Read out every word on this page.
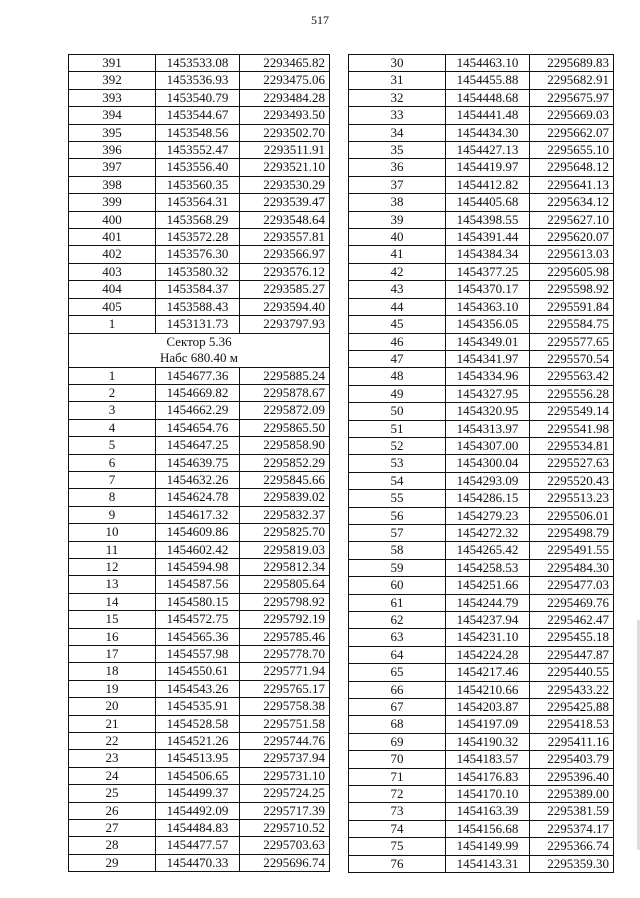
517
391	1453533.08	2293465.82
392	1453536.93	2293475.06
393	1453540.79	2293484.28
394	1453544.67	2293493.50
395	1453548.56	2293502.70
396	1453552.47	2293511.91
397	1453556.40	2293521.10
398	1453560.35	2293530.29
399	1453564.31	2293539.47
400	1453568.29	2293548.64
401	1453572.28	2293557.81
402	1453576.30	2293566.97
403	1453580.32	2293576.12
404	1453584.37	2293585.27
405	1453588.43	2293594.40
1	1453131.73	2293797.93

Сектор 5.36
Набс 680.40 м		

1	1454677.36	2295885.24
2	1454669.82	2295878.67
3	1454662.29	2295872.09
4	1454654.76	2295865.50
5	1454647.25	2295858.90
6	1454639.75	2295852.29
7	1454632.26	2295845.66
8	1454624.78	2295839.02
9	1454617.32	2295832.37
10	1454609.86	2295825.70
11	1454602.42	2295819.03
12	1454594.98	2295812.34
13	1454587.56	2295805.64
14	1454580.15	2295798.92
15	1454572.75	2295792.19
16	1454565.36	2295785.46
17	1454557.98	2295778.70
18	1454550.61	2295771.94
19	1454543.26	2295765.17
20	1454535.91	2295758.38
21	1454528.58	2295751.58
22	1454521.26	2295744.76
23	1454513.95	2295737.94
24	1454506.65	2295731.10
25	1454499.37	2295724.25
26	1454492.09	2295717.39
27	1454484.83	2295710.52
28	1454477.57	2295703.63
29	1454470.33	2295696.74
30	1454463.10	2295689.83
31	1454455.88	2295682.91
32	1454448.68	2295675.97
33	1454441.48	2295669.03
34	1454434.30	2295662.07
35	1454427.13	2295655.10
36	1454419.97	2295648.12
37	1454412.82	2295641.13
38	1454405.68	2295634.12
39	1454398.55	2295627.10
40	1454391.44	2295620.07
41	1454384.34	2295613.03
42	1454377.25	2295605.98
43	1454370.17	2295598.92
44	1454363.10	2295591.84
45	1454356.05	2295584.75
46	1454349.01	2295577.65
47	1454341.97	2295570.54
48	1454334.96	2295563.42
49	1454327.95	2295556.28
50	1454320.95	2295549.14
51	1454313.97	2295541.98
52	1454307.00	2295534.81
53	1454300.04	2295527.63
54	1454293.09	2295520.43
55	1454286.15	2295513.23
56	1454279.23	2295506.01
57	1454272.32	2295498.79
58	1454265.42	2295491.55
59	1454258.53	2295484.30
60	1454251.66	2295477.03
61	1454244.79	2295469.76
62	1454237.94	2295462.47
63	1454231.10	2295455.18
64	1454224.28	2295447.87
65	1454217.46	2295440.55
66	1454210.66	2295433.22
67	1454203.87	2295425.88
68	1454197.09	2295418.53
69	1454190.32	2295411.16
70	1454183.57	2295403.79
71	1454176.83	2295396.40
72	1454170.10	2295389.00
73	1454163.39	2295381.59
74	1454156.68	2295374.17
75	1454149.99	2295366.74
76	1454143.31	2295359.30
